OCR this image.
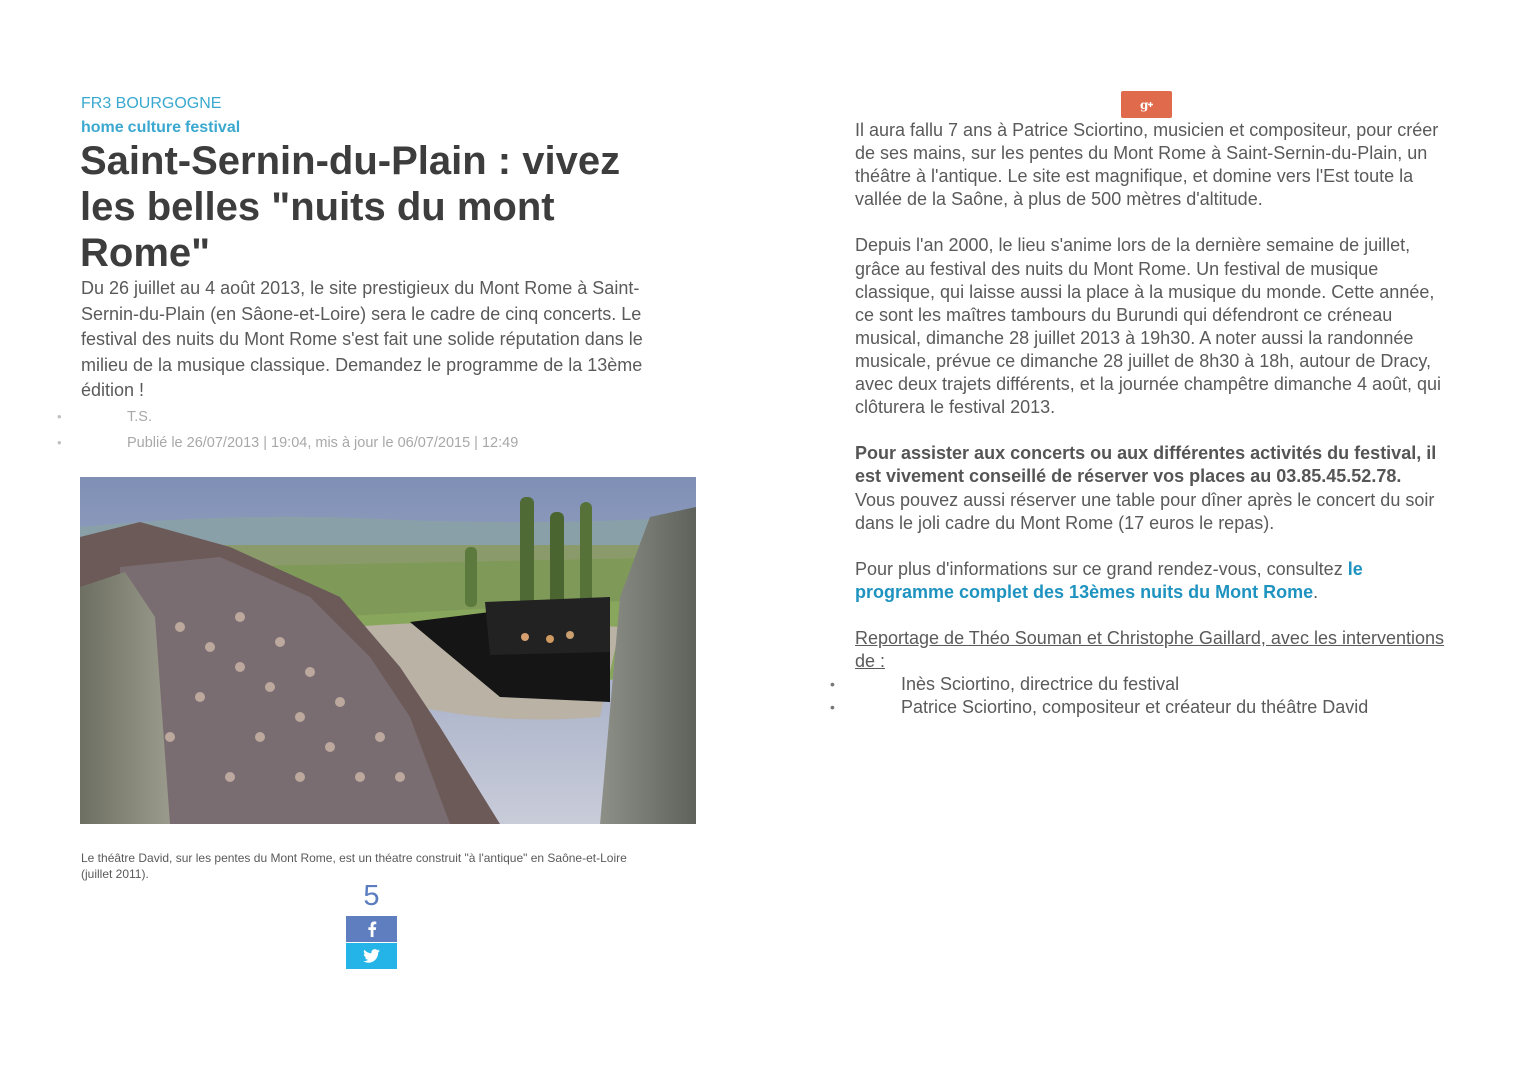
FR3 BOURGOGNE
home culture festival
Saint-Sernin-du-Plain : vivez les belles "nuits du mont Rome"

Du 26 juillet au 4 août 2013, le site prestigieux du Mont Rome à Saint-Sernin-du-Plain (en Sâone-et-Loire) sera le cadre de cinq concerts. Le festival des nuits du Mont Rome s'est fait une solide réputation dans le milieu de la musique classique. Demandez le programme de la 13ème édition !

• T.S.
• Publié le 26/07/2013 | 19:04, mis à jour le 06/07/2015 | 12:49

Le théâtre David, sur les pentes du Mont Rome, est un théatre construit "à l'antique" en Saône-et-Loire (juillet 2011).

5
g

Il aura fallu 7 ans à Patrice Sciortino, musicien et compositeur, pour créer de ses mains, sur les pentes du Mont Rome à Saint-Sernin-du-Plain, un théâtre à l'antique. Le site est magnifique, et domine vers l'Est toute la vallée de la Saône, à plus de 500 mètres d'altitude.

Depuis l'an 2000, le lieu s'anime lors de la dernière semaine de juillet, grâce au festival des nuits du Mont Rome. Un festival de musique classique, qui laisse aussi la place à la musique du monde. Cette année, ce sont les maîtres tambours du Burundi qui défendront ce créneau musical, dimanche 28 juillet 2013 à 19h30. A noter aussi la randonnée musicale, prévue ce dimanche 28 juillet de 8h30 à 18h, autour de Dracy, avec deux trajets différents, et la journée champêtre dimanche 4 août, qui clôturera le festival 2013.

Pour assister aux concerts ou aux différentes activités du festival, il est vivement conseillé de réserver vos places au 03.85.45.52.78. Vous pouvez aussi réserver une table pour dîner après le concert du soir dans le joli cadre du Mont Rome (17 euros le repas).

Pour plus d'informations sur ce grand rendez-vous, consultez le programme complet des 13èmes nuits du Mont Rome.

Reportage de Théo Souman et Christophe Gaillard, avec les interventions de :

• Inès Sciortino, directrice du festival
• Patrice Sciortino, compositeur et créateur du théâtre David
